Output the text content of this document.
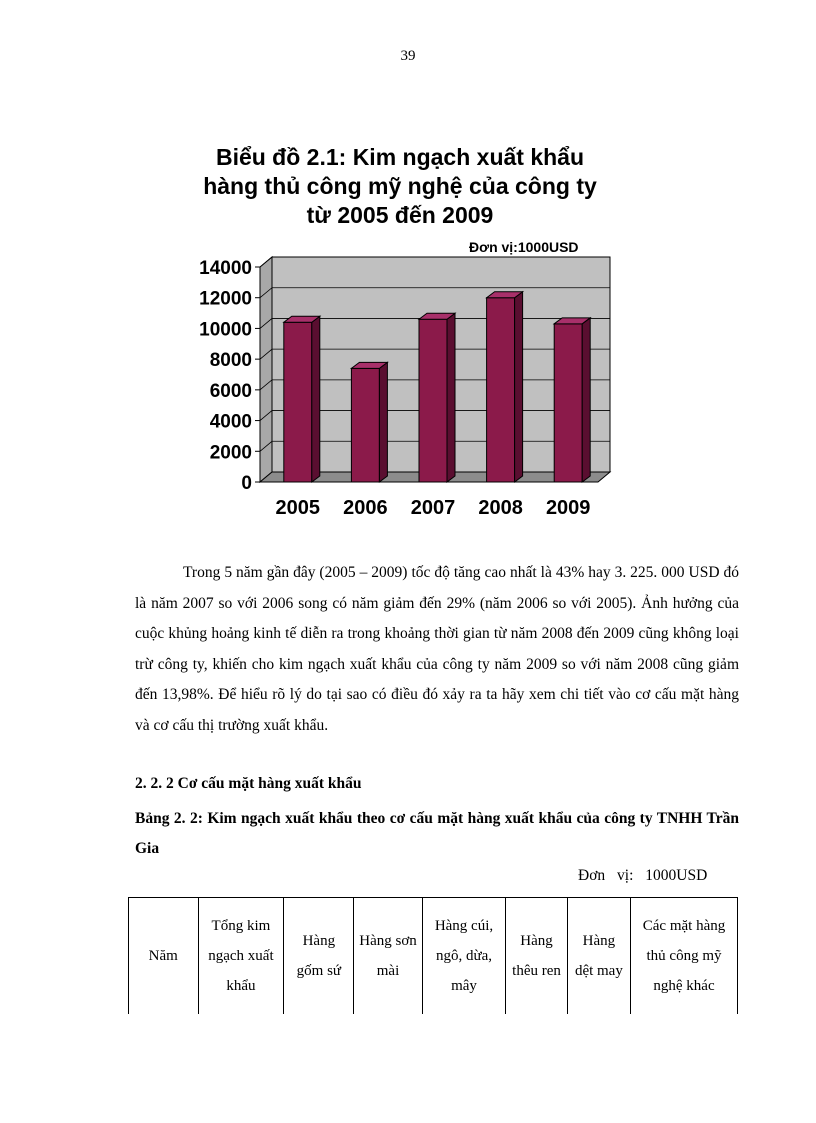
39
Biểu đồ 2.1: Kim ngạch xuất khẩu
hàng thủ công mỹ nghệ của công ty
từ 2005 đến 2009
Đơn vị:1000USD
0
2000
4000
6000
8000
10000
12000
14000
2005 2006 2007 2008 2009

Trong 5 năm gần đây (2005 – 2009) tốc độ tăng cao nhất là 43% hay 3. 225. 000 USD đó là năm 2007 so với 2006 song có năm giảm đến 29% (năm 2006 so với 2005). Ảnh hưởng của cuộc khủng hoảng kinh tế diễn ra trong khoảng thời gian từ năm 2008 đến 2009 cũng không loại trừ công ty, khiến cho kim ngạch xuất khẩu của công ty năm 2009 so với năm 2008 cũng giảm đến 13,98%. Để hiểu rõ lý do tại sao có điều đó xảy ra ta hãy xem chi tiết vào cơ cấu mặt hàng và cơ cấu thị trường xuất khẩu.

2. 2. 2 Cơ cấu mặt hàng xuất khẩu

Bảng 2. 2: Kim ngạch xuất khẩu theo cơ cấu mặt hàng xuất khẩu của công ty TNHH Trần Gia

Đơn vị: 1000USD
Năm	Tổng kim ngạch xuất khẩu	Hàng gốm sứ	Hàng sơn mài	Hàng cúi, ngô, dừa, mây	Hàng thêu ren	Hàng dệt may	Các mặt hàng thủ công mỹ nghệ khác
